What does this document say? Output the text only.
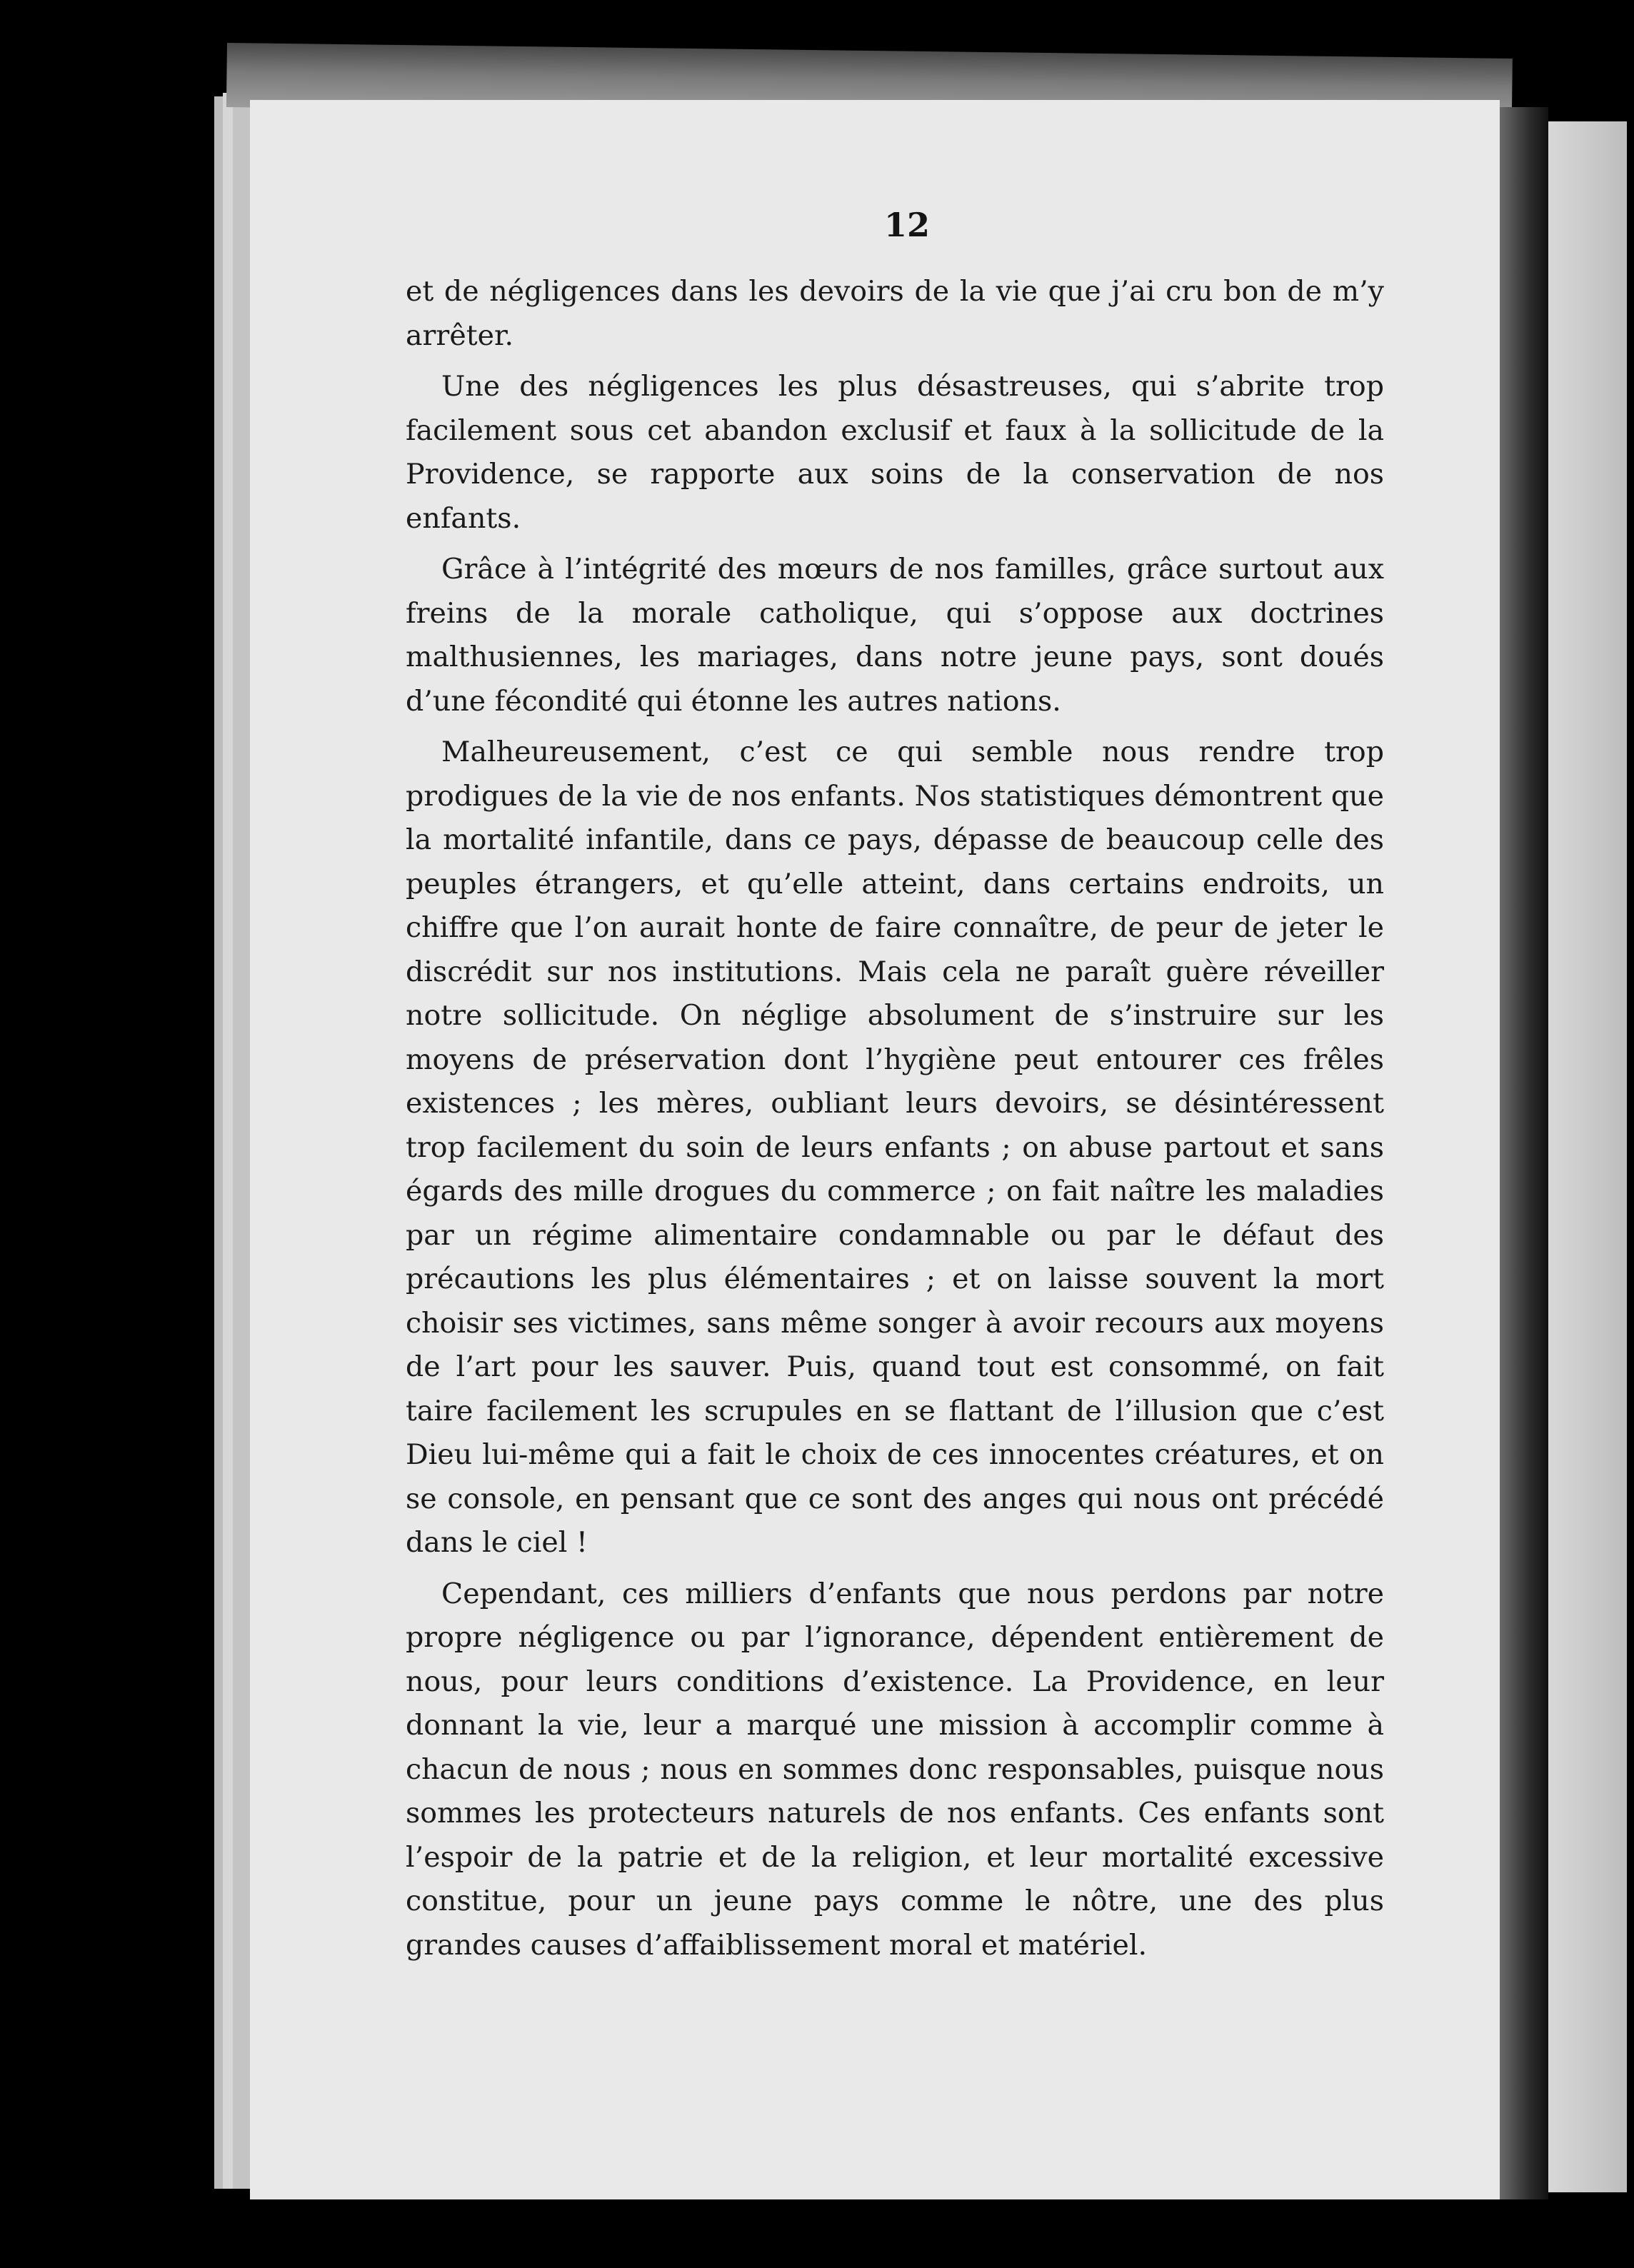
12

et de négligences dans les devoirs de la vie que j’ai cru bon de m’y arrêter.

Une des négligences les plus désastreuses, qui s’abrite trop facilement sous cet abandon exclusif et faux à la sollicitude de la Providence, se rapporte aux soins de la conservation de nos enfants.

Grâce à l’intégrité des mœurs de nos familles, grâce surtout aux freins de la morale catholique, qui s’oppose aux doctrines malthusiennes, les mariages, dans notre jeune pays, sont doués d’une fécondité qui étonne les autres nations.

Malheureusement, c’est ce qui semble nous rendre trop prodigues de la vie de nos enfants. Nos statistiques démontrent que la mortalité infantile, dans ce pays, dépasse de beaucoup celle des peuples étrangers, et qu’elle atteint, dans certains endroits, un chiffre que l’on aurait honte de faire connaître, de peur de jeter le discrédit sur nos institutions. Mais cela ne paraît guère réveiller notre sollicitude. On néglige absolument de s’instruire sur les moyens de préservation dont l’hygiène peut entourer ces frêles existences ; les mères, oubliant leurs devoirs, se désintéressent trop facilement du soin de leurs enfants ; on abuse partout et sans égards des mille drogues du commerce ; on fait naître les maladies par un régime alimentaire condamnable ou par le défaut des précautions les plus élémentaires ; et on laisse souvent la mort choisir ses victimes, sans même songer à avoir recours aux moyens de l’art pour les sauver. Puis, quand tout est consommé, on fait taire facilement les scrupules en se flattant de l’illusion que c’est Dieu lui-même qui a fait le choix de ces innocentes créatures, et on se console, en pensant que ce sont des anges qui nous ont précédé dans le ciel !

Cependant, ces milliers d’enfants que nous perdons par notre propre négligence ou par l’ignorance, dépendent entièrement de nous, pour leurs conditions d’existence. La Providence, en leur donnant la vie, leur a marqué une mission à accomplir comme à chacun de nous ; nous en sommes donc responsables, puisque nous sommes les protecteurs naturels de nos enfants. Ces enfants sont l’espoir de la patrie et de la religion, et leur mortalité excessive constitue, pour un jeune pays comme le nôtre, une des plus grandes causes d’affaiblissement moral et matériel.
